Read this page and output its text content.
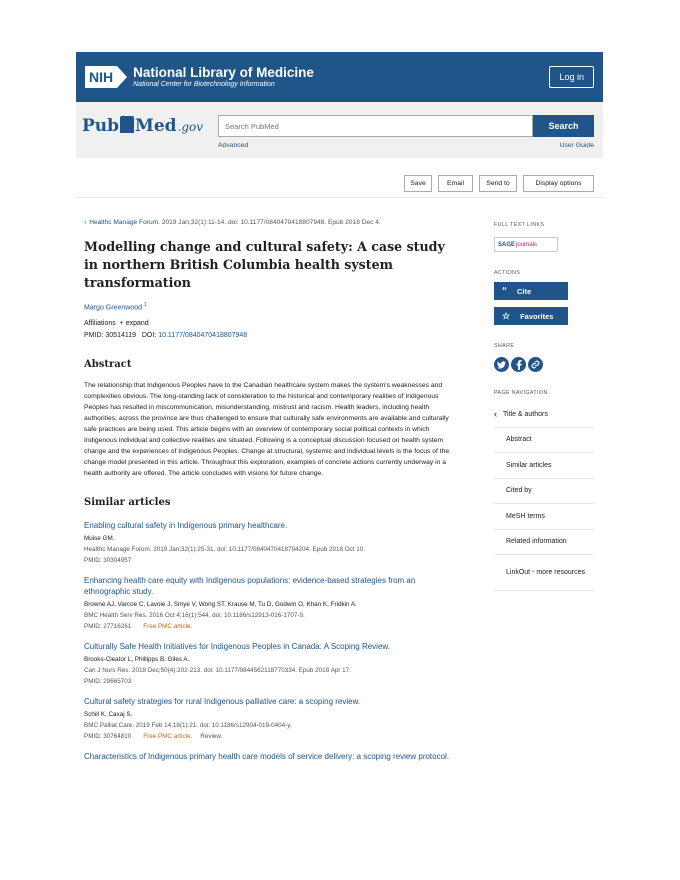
NIH National Library of Medicine
National Center for Biotechnology Information
Log in
Pub Med .gov
Search PubMed	Search
Advanced	User Guide
Save	Email	Send to	Display options
› Healthc Manage Forum. 2019 Jan;32(1):11-14. doi: 10.1177/0840470418807948. Epub 2018 Dec 4.
Modelling change and cultural safety: A case study in northern British Columbia health system transformation
Margo Greenwood $^1$
Affiliations + expand
PMID: 30514119 DOI: 10.1177/0840470418807948
Abstract

The relationship that Indigenous Peoples have to the Canadian healthcare system makes the system's weaknesses and complexities obvious. The long-standing lack of consideration to the historical and contemporary realities of Indigenous Peoples has resulted in miscommunication, misunderstanding, mistrust and racism. Health leaders, including health authorities, across the province are thus challenged to ensure that culturally safe environments are available and culturally safe practices are being used. This article begins with an overview of contemporary social political contexts in which Indigenous individual and collective realities are situated. Following is a conceptual discussion focused on health system change and the experiences of Indigenous Peoples. Change at structural, systemic and individual levels is the focus of the change model presented in this article. Throughout this exploration, examples of concrete actions currently underway in a health authority are offered. The article concludes with visions for future change.

Similar articles
Enabling cultural safety in Indigenous primary healthcare.
Muise GM.
Healthc Manage Forum. 2019 Jan;32(1):25-31. doi: 10.1177/0840470418794204. Epub 2018 Oct 10.
PMID: 30304957
Enhancing health care equity with Indigenous populations: evidence-based strategies from an ethnographic study.
Browne AJ, Varcoe C, Lavoie J, Smye V, Wong ST, Krause M, Tu D, Godwin O, Khan K, Fridkin A.
BMC Health Serv Res. 2016 Oct 4;16(1):544. doi: 10.1186/s12913-016-1707-9.
PMID: 27716261 Free PMC article.
Culturally Safe Health Initiatives for Indigenous Peoples in Canada: A Scoping Review.
Brooks-Cleator L, Phillipps B, Giles A.
Can J Nurs Res. 2018 Dec;50(4):202-213. doi: 10.1177/0844562118770334. Epub 2018 Apr 17.
PMID: 29665703
Cultural safety strategies for rural Indigenous palliative care: a scoping review.
Schill K, Caxaj S.
BMC Palliat Care. 2019 Feb 14;18(1):21. doi: 10.1186/s12904-019-0404-y.
PMID: 30764810 Free PMC article. Review.
Characteristics of Indigenous primary health care models of service delivery: a scoping review protocol.
FULL TEXT LINKS
SAGE journals
ACTIONS
“ Cite
☆ Favorites
SHARE
PAGE NAVIGATION
‹ Title & authors
Abstract
Similar articles
Cited by
MeSH terms
Related information
LinkOut - more resources
